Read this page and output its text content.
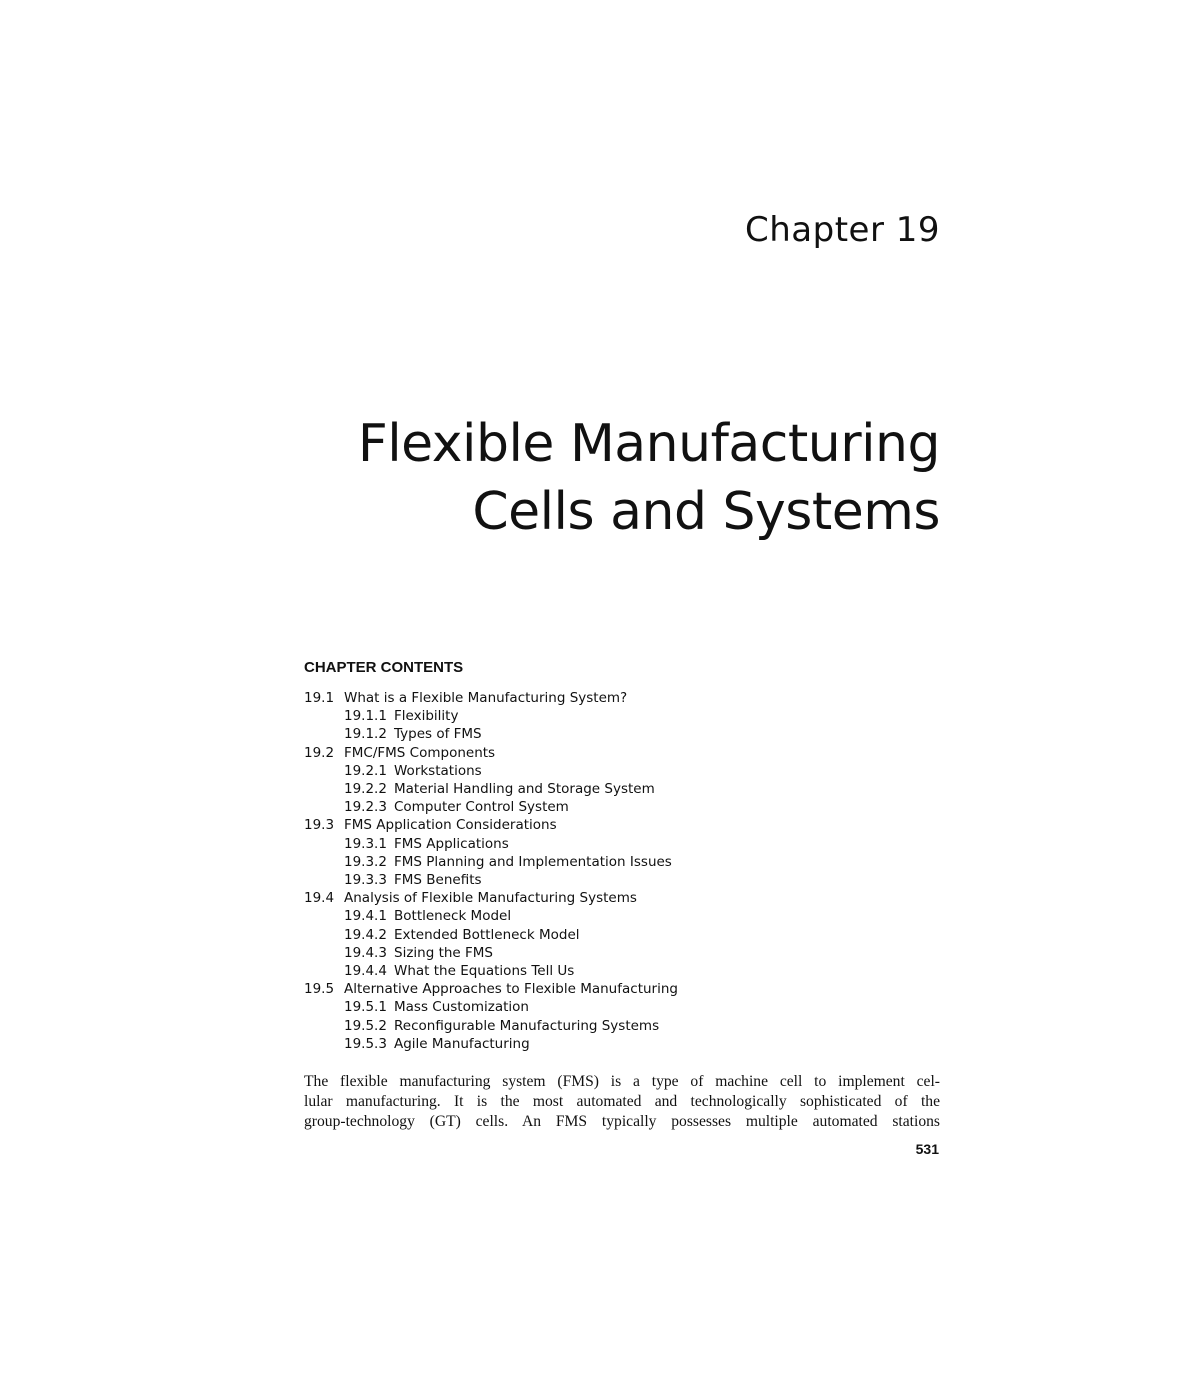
Chapter 19
Flexible Manufacturing
Cells and Systems
CHAPTER CONTENTS
19.1 What is a Flexible Manufacturing System?
19.1.1 Flexibility
19.1.2 Types of FMS
19.2 FMC/FMS Components
19.2.1 Workstations
19.2.2 Material Handling and Storage System
19.2.3 Computer Control System
19.3 FMS Application Considerations
19.3.1 FMS Applications
19.3.2 FMS Planning and Implementation Issues
19.3.3 FMS Benefits
19.4 Analysis of Flexible Manufacturing Systems
19.4.1 Bottleneck Model
19.4.2 Extended Bottleneck Model
19.4.3 Sizing the FMS
19.4.4 What the Equations Tell Us
19.5 Alternative Approaches to Flexible Manufacturing
19.5.1 Mass Customization
19.5.2 Reconfigurable Manufacturing Systems
19.5.3 Agile Manufacturing

The flexible manufacturing system (FMS) is a type of machine cell to implement cel-
lular manufacturing. It is the most automated and technologically sophisticated of the
group-technology (GT) cells. An FMS typically possesses multiple automated stations

531
